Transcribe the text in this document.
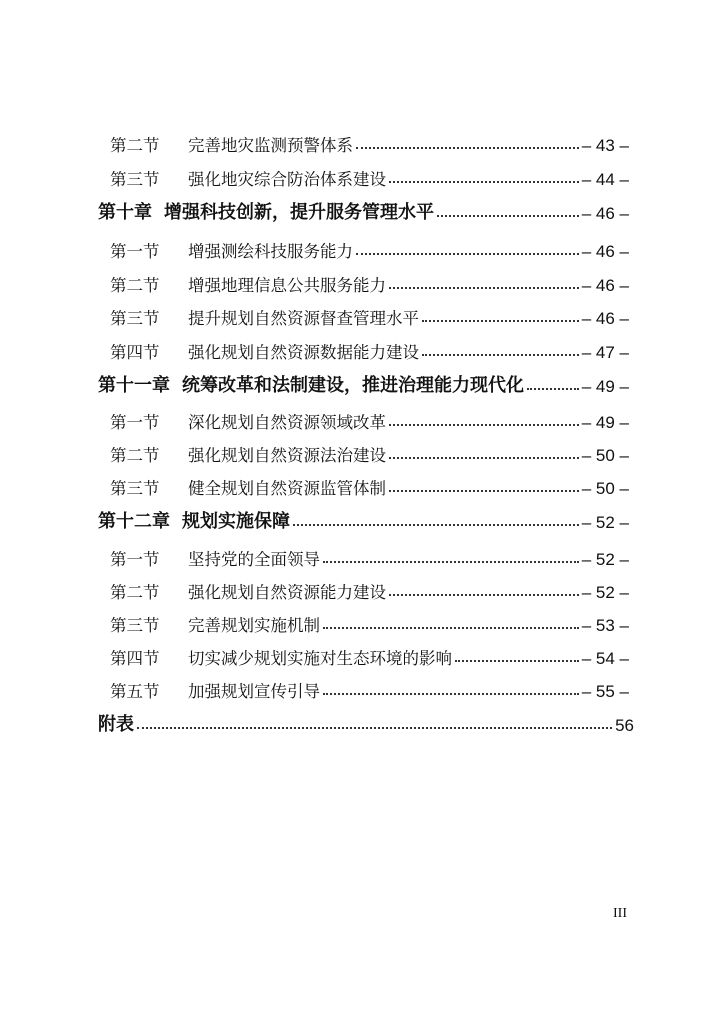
第二节	完善地灾监测预警体系	– 43 –
第三节	强化地灾综合防治体系建设	– 44 –
第十章 增强科技创新，提升服务管理水平	– 46 –
第一节	增强测绘科技服务能力	– 46 –
第二节	增强地理信息公共服务能力	– 46 –
第三节	提升规划自然资源督查管理水平	– 46 –
第四节	强化规划自然资源数据能力建设	– 47 –
第十一章 统筹改革和法制建设，推进治理能力现代化	– 49 –
第一节	深化规划自然资源领域改革	– 49 –
第二节	强化规划自然资源法治建设	– 50 –
第三节	健全规划自然资源监管体制	– 50 –
第十二章 规划实施保障	– 52 –
第一节	坚持党的全面领导	– 52 –
第二节	强化规划自然资源能力建设	– 52 –
第三节	完善规划实施机制	– 53 –
第四节	切实减少规划实施对生态环境的影响	– 54 –
第五节	加强规划宣传引导	– 55 –
附表	56
III
